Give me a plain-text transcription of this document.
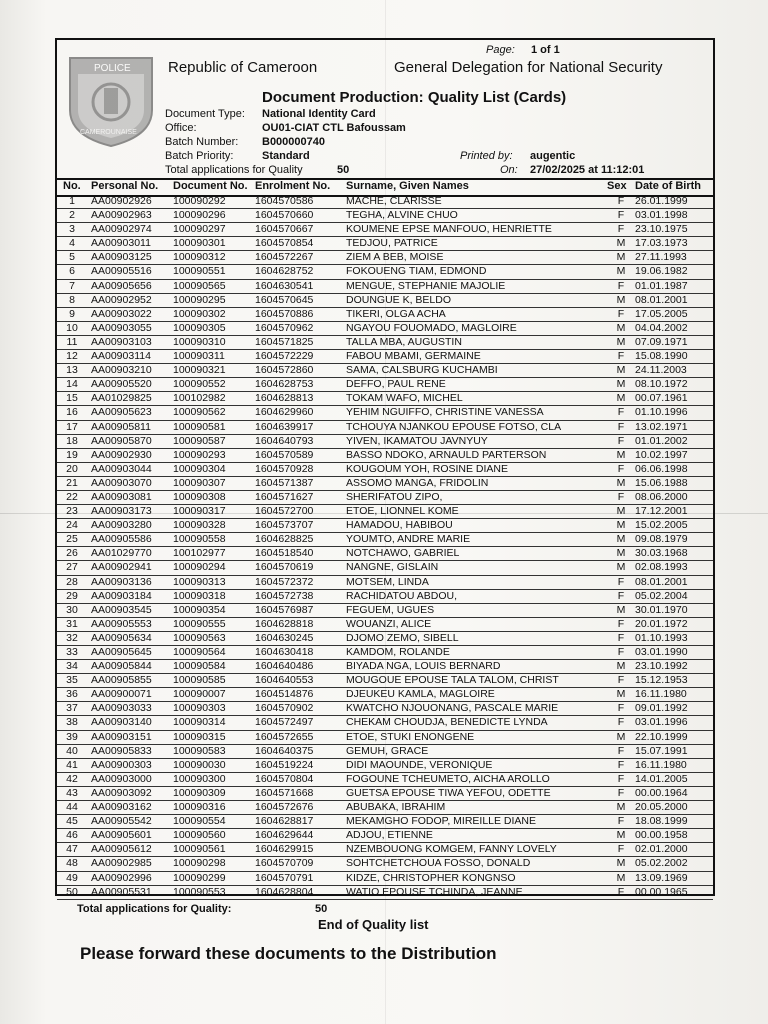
POLICE
CAMEROUNAISE
Republic of Cameroon
Page: 1 of 1
General Delegation for National Security
Document Production: Quality List (Cards)
Document Type: National Identity Card
Office:	OU01-CIAT CTL Bafoussam
Batch Number: B000000740
Batch Priority:	Standard
Total applications for Quality	50
Printed by: augentic
On: 27/02/2025 at 11:12:01
No. Personal No. Document No. Enrolment No. Surname, Given Names	Sex Date of Birth
1	AA00902926 100090292	1604570586	MACHE, CLARISSE	F	26.01.1999
2	AA00902963 100090296	1604570660	TEGHA, ALVINE CHUO	F	03.01.1998
3	AA00902974 100090297	1604570667	KOUMENE EPSE MANFOUO, HENRIETTE	F	23.10.1975
4	AA00903011 100090301	1604570854	TEDJOU, PATRICE	M 17.03.1973
5	AA00903125 100090312	1604572267	ZIEM A BEB, MOISE	M 27.11.1993
6	AA00905516 100090551	1604628752	FOKOUENG TIAM, EDMOND	M 19.06.1982
7	AA00905656 100090565	1604630541	MENGUE, STEPHANIE MAJOLIE	F	01.01.1987
8	AA00902952 100090295	1604570645	DOUNGUE K, BELDO	M 08.01.2001
9	AA00903022 100090302	1604570886	TIKERI, OLGA ACHA	F	17.05.2005
10	AA00903055 100090305	1604570962	NGAYOU FOUOMADO, MAGLOIRE	M 04.04.2002
11	AA00903103 100090310	1604571825	TALLA MBA, AUGUSTIN	M 07.09.1971
12	AA00903114 100090311	1604572229	FABOU MBAMI, GERMAINE	F	15.08.1990
13	AA00903210 100090321	1604572860	SAMA, CALSBURG KUCHAMBI	M 24.11.2003
14	AA00905520 100090552	1604628753	DEFFO, PAUL RENE	M 08.10.1972
15	AA01029825 100102982	1604628813	TOKAM WAFO, MICHEL	M 00.07.1961
16	AA00905623 100090562	1604629960	YEHIM NGUIFFO, CHRISTINE VANESSA	F	01.10.1996
17	AA00905811 100090581	1604639917	TCHOUYA NJANKOU EPOUSE FOTSO, CLA	F	13.02.1971
18	AA00905870 100090587	1604640793	YIVEN, IKAMATOU JAVNYUY	F	01.01.2002
19	AA00902930 100090293	1604570589	BASSO NDOKO, ARNAULD PARTERSON	M 10.02.1997
20	AA00903044 100090304	1604570928	KOUGOUM YOH, ROSINE DIANE	F	06.06.1998
21	AA00903070 100090307	1604571387	ASSOMO MANGA, FRIDOLIN	M 15.06.1988
22	AA00903081 100090308	1604571627	SHERIFATOU ZIPO,	F	08.06.2000
23	AA00903173 100090317	1604572700	ETOE, LIONNEL KOME	M 17.12.2001
24	AA00903280 100090328	1604573707	HAMADOU, HABIBOU	M 15.02.2005
25	AA00905586 100090558	1604628825	YOUMTO, ANDRE MARIE	M 09.08.1979
26	AA01029770 100102977	1604518540	NOTCHAWO, GABRIEL	M 30.03.1968
27	AA00902941 100090294	1604570619	NANGNE, GISLAIN	M 02.08.1993
28	AA00903136 100090313	1604572372	MOTSEM, LINDA	F	08.01.2001
29	AA00903184 100090318	1604572738	RACHIDATOU ABDOU,	F	05.02.2004
30	AA00903545 100090354	1604576987	FEGUEM, UGUES	M 30.01.1970
31	AA00905553 100090555	1604628818	WOUANZI, ALICE	F	20.01.1972
32	AA00905634 100090563	1604630245	DJOMO ZEMO, SIBELL	F	01.10.1993
33	AA00905645 100090564	1604630418	KAMDOM, ROLANDE	F	03.01.1990
34	AA00905844 100090584	1604640486	BIYADA NGA, LOUIS BERNARD	M 23.10.1992
35	AA00905855 100090585	1604640553	MOUGOUE EPOUSE TALA TALOM, CHRIST	F	15.12.1953
36	AA00900071 100090007	1604514876	DJEUKEU KAMLA, MAGLOIRE	M 16.11.1980
37	AA00903033 100090303	1604570902	KWATCHO NJOUONANG, PASCALE MARIE	F	09.01.1992
38	AA00903140 100090314	1604572497	CHEKAM CHOUDJA, BENEDICTE LYNDA	F	03.01.1996
39	AA00903151 100090315	1604572655	ETOE, STUKI ENONGENE	M 22.10.1999
40	AA00905833 100090583	1604640375	GEMUH, GRACE	F	15.07.1991
41	AA00900303 100090030	1604519224	DIDI MAOUNDE, VERONIQUE	F	16.11.1980
42	AA00903000 100090300	1604570804	FOGOUNE TCHEUMETO, AICHA AROLLO	F	14.01.2005
43	AA00903092 100090309	1604571668	GUETSA EPOUSE TIWA YEFOU, ODETTE	F	00.00.1964
44	AA00903162 100090316	1604572676	ABUBAKA, IBRAHIM	M 20.05.2000
45	AA00905542 100090554	1604628817	MEKAMGHO FODOP, MIREILLE DIANE	F	18.08.1999
46	AA00905601 100090560	1604629644	ADJOU, ETIENNE	M 00.00.1958
47	AA00905612 100090561	1604629915	NZEMBOUONG KOMGEM, FANNY LOVELY	F	02.01.2000
48	AA00902985 100090298	1604570709	SOHTCHETCHOUA FOSSO, DONALD	M 05.02.2002
49	AA00902996 100090299	1604570791	KIDZE, CHRISTOPHER KONGNSO	M 13.09.1969
50	AA00905531 100090553	1604628804	WATIO EPOUSE TCHINDA, JEANNE	F	00.00.1965
Total applications for Quality:	50
End of Quality list
Please forward these documents to the Distribution
